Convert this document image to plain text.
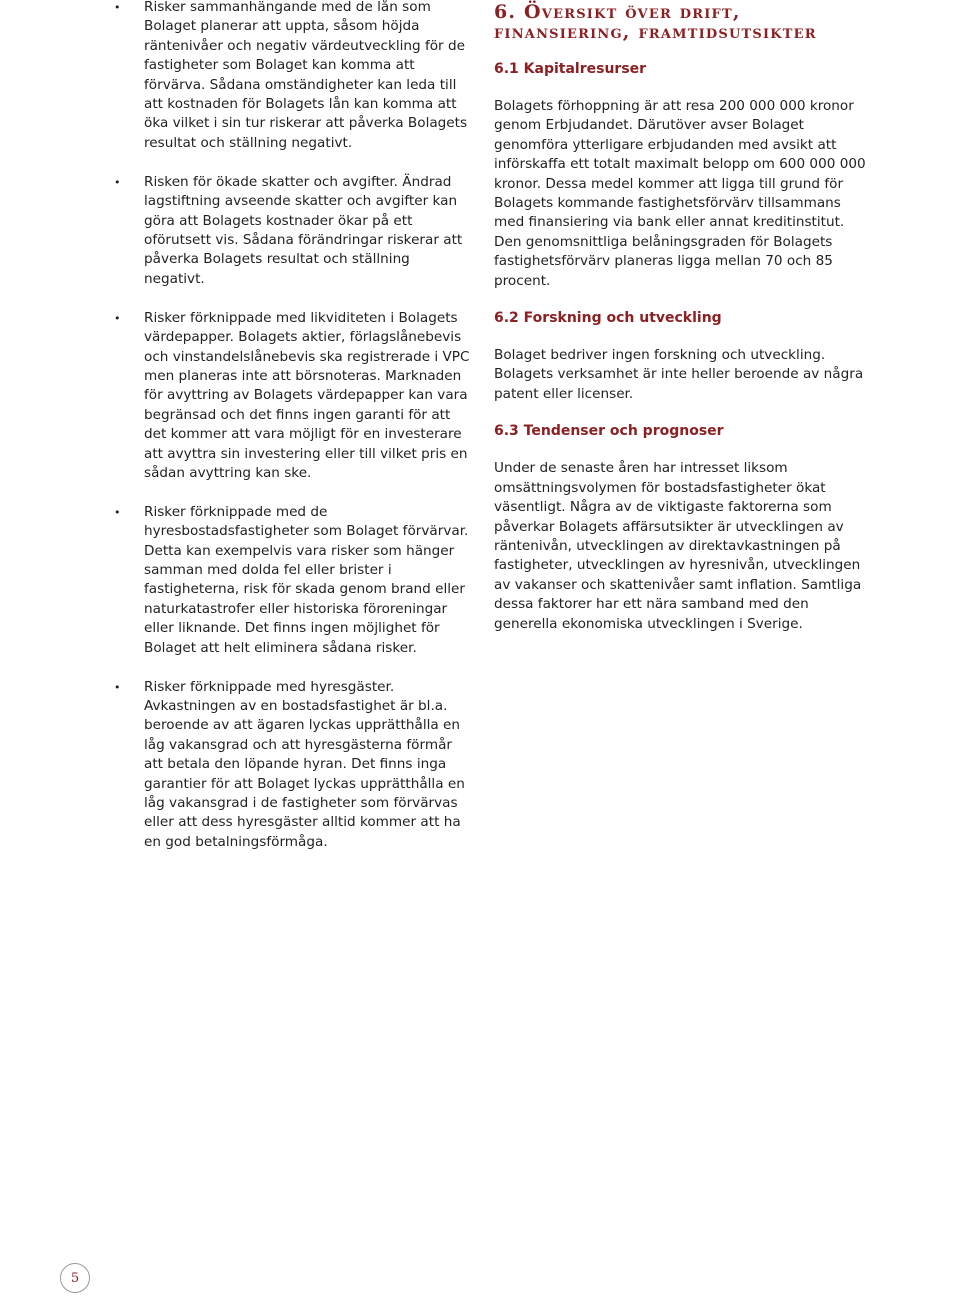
• Risker sammanhängande med de lån som Bolaget planerar att uppta, såsom höjda räntenivåer och negativ värdeutveckling för de fastigheter som Bolaget kan komma att förvärva. Sådana omständigheter kan leda till att kostnaden för Bolagets lån kan komma att öka vilket i sin tur riskerar att påverka Bolagets resultat och ställning negativt.
• Risken för ökade skatter och avgifter. Ändrad lagstiftning avseende skatter och avgifter kan göra att Bolagets kostnader ökar på ett oförutsett vis. Sådana förändringar riskerar att påverka Bolagets resultat och ställning negativt.
• Risker förknippade med likviditeten i Bolagets värdepapper. Bolagets aktier, förlagslånebevis och vinstandelslånebevis ska registrerade i VPC men planeras inte att börsnoteras. Marknaden för avyttring av Bolagets värdepapper kan vara begränsad och det finns ingen garanti för att det kommer att vara möjligt för en investerare att avyttra sin investering eller till vilket pris en sådan avyttring kan ske.
• Risker förknippade med de hyresbostadsfastigheter som Bolaget förvärvar. Detta kan exempelvis vara risker som hänger samman med dolda fel eller brister i fastigheterna, risk för skada genom brand eller naturkatastrofer eller historiska föroreningar eller liknande. Det finns ingen möjlighet för Bolaget att helt eliminera sådana risker.
• Risker förknippade med hyresgäster. Avkastningen av en bostadsfastighet är bl.a. beroende av att ägaren lyckas upprätthålla en låg vakansgrad och att hyresgästerna förmår att betala den löpande hyran. Det finns inga garantier för att Bolaget lyckas upprätthålla en låg vakansgrad i de fastigheter som förvärvas eller att dess hyresgäster alltid kommer att ha en god betalningsförmåga.
6. Översikt över drift, finansiering, framtidsutsikter
6.1 Kapitalresurser

Bolagets förhoppning är att resa 200 000 000 kronor genom Erbjudandet. Därutöver avser Bolaget genomföra ytterligare erbjudanden med avsikt att införskaffa ett totalt maximalt belopp om 600 000 000 kronor. Dessa medel kommer att ligga till grund för Bolagets kommande fastighetsförvärv tillsammans med finansiering via bank eller annat kreditinstitut. Den genomsnittliga belåningsgraden för Bolagets fastighetsförvärv planeras ligga mellan 70 och 85 procent.

6.2 Forskning och utveckling

Bolaget bedriver ingen forskning och utveckling. Bolagets verksamhet är inte heller beroende av några patent eller licenser.

6.3 Tendenser och prognoser

Under de senaste åren har intresset liksom omsättningsvolymen för bostadsfastigheter ökat väsentligt. Några av de viktigaste faktorerna som påverkar Bolagets affärsutsikter är utvecklingen av räntenivån, utvecklingen av direktavkastningen på fastigheter, utvecklingen av hyresnivån, utvecklingen av vakanser och skattenivåer samt inflation. Samtliga dessa faktorer har ett nära samband med den generella ekonomiska utvecklingen i Sverige.

5
